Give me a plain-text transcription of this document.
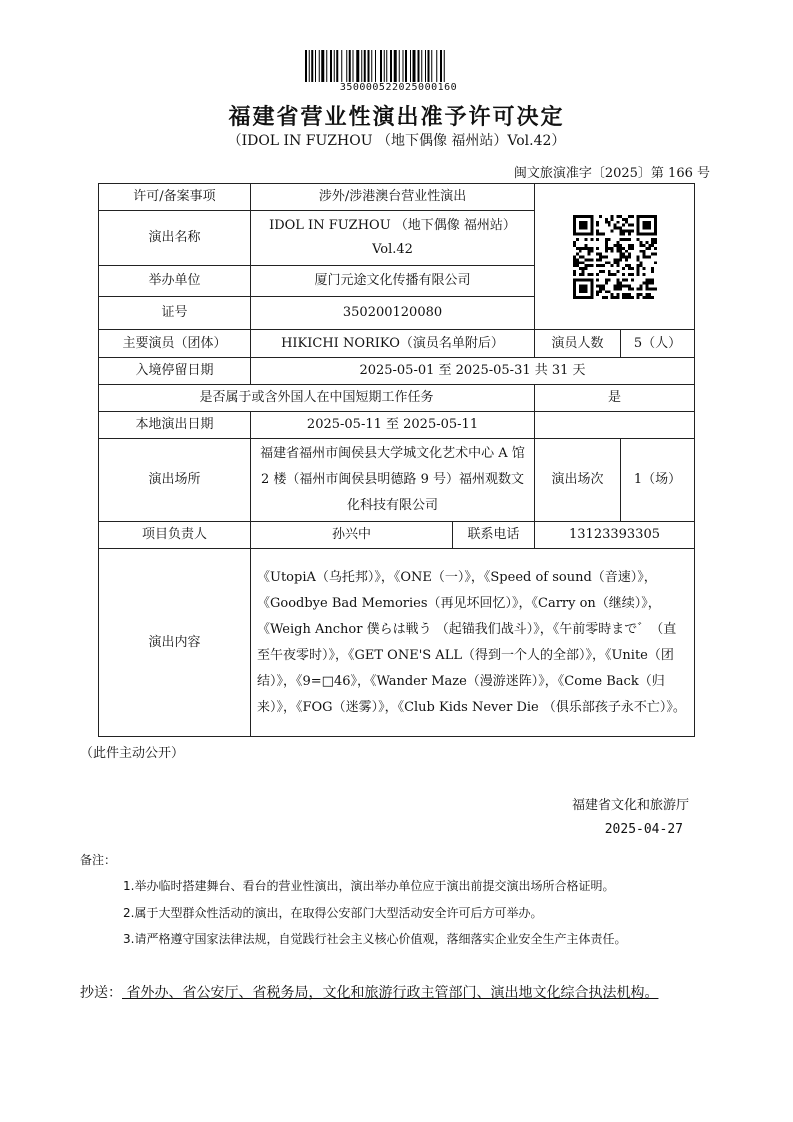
350000522025000160
福建省营业性演出准予许可决定
（IDOL IN FUZHOU （地下偶像 福州站）Vol.42）
闽文旅演准字〔2025〕第 166 号
许可/备案事项	涉外/涉港澳台营业性演出	

演出名称	IDOL IN FUZHOU （地下偶像 福州站）
Vol.42			

举办单位	厦门元途文化传播有限公司			
证号	350200120080			
主要演员（团体）	HIKICHI NORIKO（演员名单附后）		演员人数	5（人）
入境停留日期	2025-05-01 至 2025-05-31 共 31 天			
是否属于或含外国人在中国短期工作任务			是	
本地演出日期	2025-05-11 至 2025-05-11			
演出场所	福建省福州市闽侯县大学城文化艺术中心 A 馆 2 楼（福州市闽侯县明德路 9 号）福州观数文化科技有限公司		演出场次	1（场）
项目负责人	孙兴中	联系电话	13123393305	
演出内容	《UtopiA（乌托邦）》，《ONE（一）》，《Speed of sound（音速）》，《Goodbye Bad Memories（再见坏回忆）》，《Carry on（继续）》，《Weigh Anchor 僕らは戦う （起锚我们战斗）》，《午前零時まで゛（直至午夜零时）》，《GET ONE'S ALL（得到一个人的全部）》，《Unite（团结）》，《9=□46》，《Wander Maze（漫游迷阵）》，《Come Back（归来）》，《FOG（迷雾）》，《Club Kids Never Die （俱乐部孩子永不亡）》。			
（此件主动公开）
福建省文化和旅游厅
2025-04-27
备注：
1.举办临时搭建舞台、看台的营业性演出，演出举办单位应于演出前提交演出场所合格证明。
2.属于大型群众性活动的演出，在取得公安部门大型活动安全许可后方可举办。
3.请严格遵守国家法律法规，自觉践行社会主义核心价值观，落细落实企业安全生产主体责任。
抄送： 省外办、省公安厅、省税务局，文化和旅游行政主管部门、演出地文化综合执法机构。
